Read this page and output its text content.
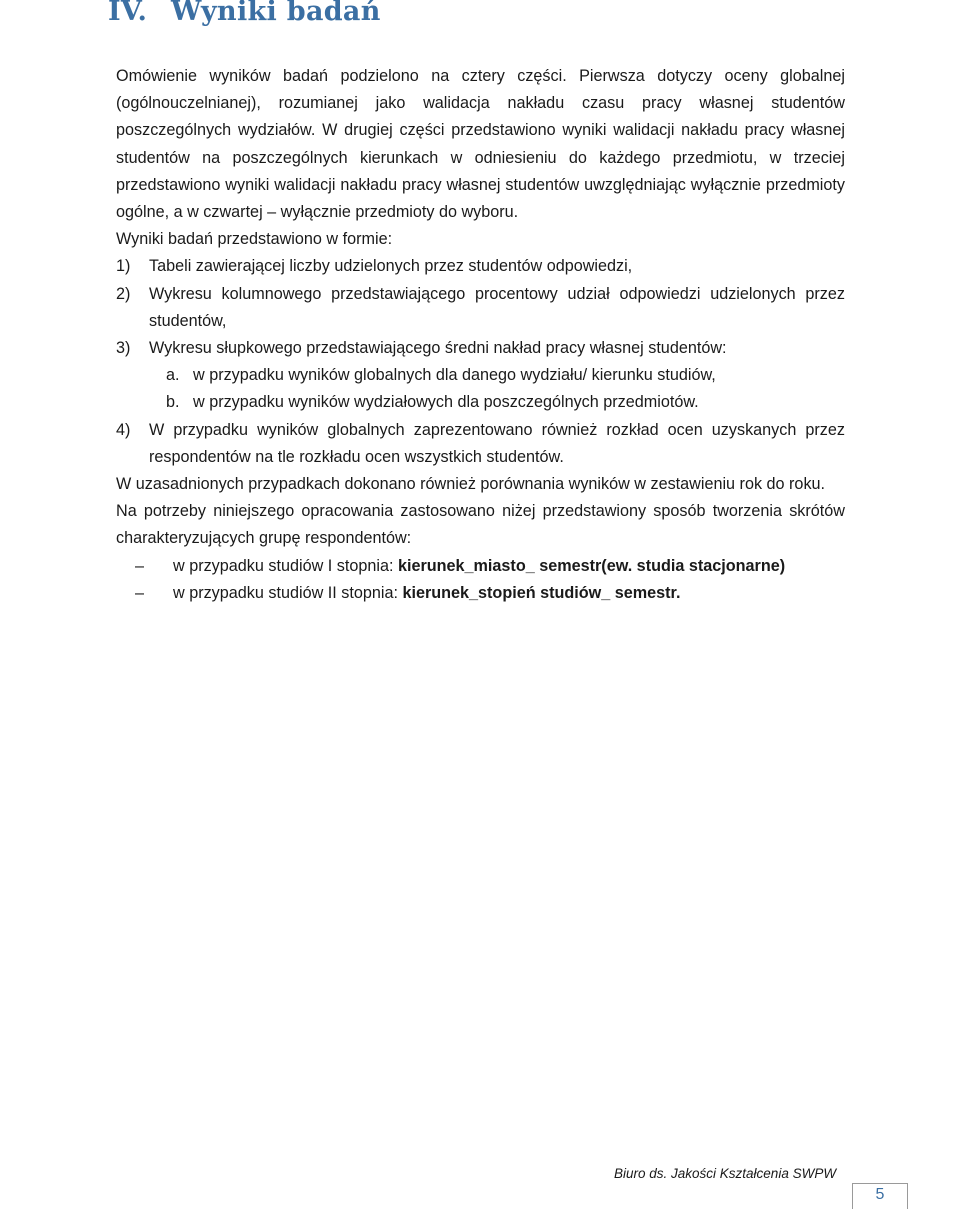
IV. Wyniki badań

Omówienie wyników badań podzielono na cztery części. Pierwsza dotyczy oceny globalnej (ogólnouczelnianej), rozumianej jako walidacja nakładu czasu pracy własnej studentów poszczególnych wydziałów. W drugiej części przedstawiono wyniki walidacji nakładu pracy własnej studentów na poszczególnych kierunkach w odniesieniu do każdego przedmiotu, w trzeciej przedstawiono wyniki walidacji nakładu pracy własnej studentów uwzględniając wyłącznie przedmioty ogólne, a w czwartej – wyłącznie przedmioty do wyboru.

Wyniki badań przedstawiono w formie:

1) Tabeli zawierającej liczby udzielonych przez studentów odpowiedzi,
2) Wykresu kolumnowego przedstawiającego procentowy udział odpowiedzi udzielonych przez studentów,
3) Wykresu słupkowego przedstawiającego średni nakład pracy własnej studentów:
a. w przypadku wyników globalnych dla danego wydziału/ kierunku studiów,
b. w przypadku wyników wydziałowych dla poszczególnych przedmiotów.
4) W przypadku wyników globalnych zaprezentowano również rozkład ocen uzyskanych przez respondentów na tle rozkładu ocen wszystkich studentów.

W uzasadnionych przypadkach dokonano również porównania wyników w zestawieniu rok do roku.

Na potrzeby niniejszego opracowania zastosowano niżej przedstawiony sposób tworzenia skrótów charakteryzujących grupę respondentów:

– w przypadku studiów I stopnia: kierunek_miasto_ semestr(ew. studia stacjonarne)
– w przypadku studiów II stopnia: kierunek_stopień studiów_ semestr.
Biuro ds. Jakości Kształcenia SWPW
5
